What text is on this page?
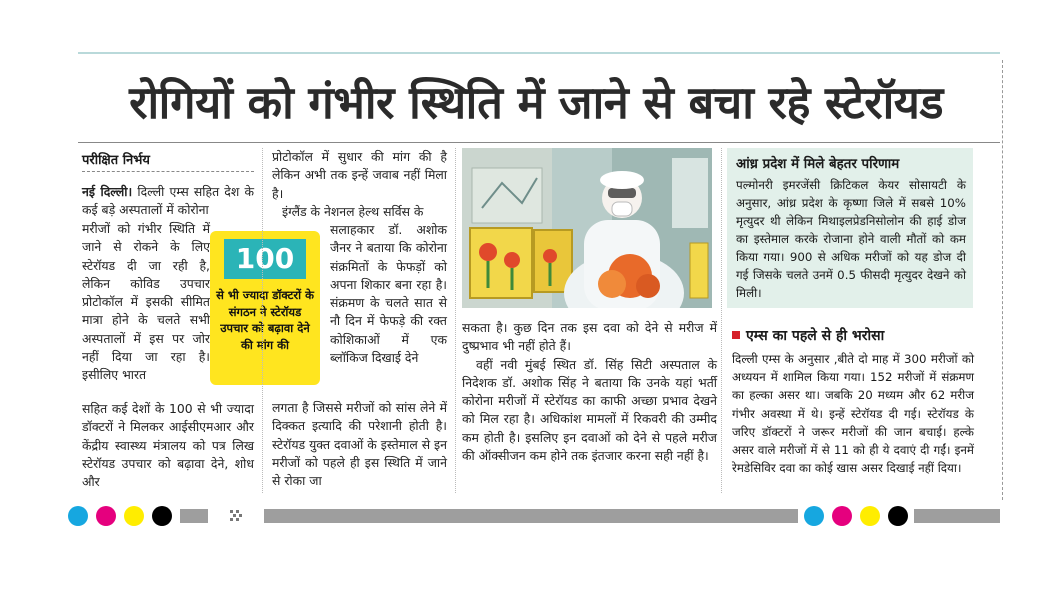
रोगियों को गंभीर स्थिति में जाने से बचा रहे स्टेरॉयड
परीक्षित निर्भय

नई दिल्ली। दिल्ली एम्स सहित देश के कई बड़े अस्पतालों में कोरोना

मरीजों को गंभीर स्थिति में जाने से रोकने के लिए स्टेरॉयड दी जा रही है, लेकिन कोविड उपचार प्रोटोकॉल में इसकी सीमित मात्रा होने के चलते सभी अस्पतालों में इस पर जोर नहीं दिया जा रहा है। इसीलिए भारत

सहित कई देशों के 100 से भी ज्यादा डॉक्टरों ने मिलकर आईसीएमआर और केंद्रीय स्वास्थ्य मंत्रालय को पत्र लिख स्टेरॉयड उपचार को बढ़ावा देने, शोध और

100
से भी ज्यादा डॉक्टरों के संगठन ने स्टेरॉयड उपचार को बढ़ावा देने की मांग की

प्रोटोकॉल में सुधार की मांग की है लेकिन अभी तक इन्हें जवाब नहीं मिला है।

इंग्लैंड के नेशनल हेल्थ सर्विस के

सलाहकार डॉ. अशोक जैनर ने बताया कि कोरोना संक्रमितों के फेफड़ों को अपना शिकार बना रहा है। संक्रमण के चलते सात से नौ दिन में फेफड़े की रक्त कोशिकाओं में एक ब्लॉकिज दिखाई देने

लगता है जिससे मरीजों को सांस लेने में दिक्कत इत्यादि की परेशानी होती है। स्टेरॉयड युक्त दवाओं के इस्तेमाल से इन मरीजों को पहले ही इस स्थिति में जाने से रोका जा

सकता है। कुछ दिन तक इस दवा को देने से मरीज में दुष्प्रभाव भी नहीं होते हैं।

वहीं नवी मुंबई स्थित डॉ. सिंह सिटी अस्पताल के निदेशक डॉ. अशोक सिंह ने बताया कि उनके यहां भर्ती कोरोना मरीजों में स्टेरॉयड का काफी अच्छा प्रभाव देखने को मिल रहा है। अधिकांश मामलों में रिकवरी की उम्मीद कम होती है। इसलिए इन दवाओं को देने से पहले मरीज की ऑक्सीजन कम होने तक इंतजार करना सही नहीं है।

आंध्र प्रदेश में मिले बेहतर परिणाम
पल्मोनरी इमरजेंसी क्रिटिकल केयर सोसायटी के अनुसार, आंध्र प्रदेश के कृष्णा जिले में सबसे 10% मृत्युदर थी लेकिन मिथाइलप्रेडनिसोलोन की हाई डोज का इस्तेमाल करके रोजाना होने वाली मौतों को कम किया गया। 900 से अधिक मरीजों को यह डोज दी गई जिसके चलते उनमें 0.5 फीसदी मृत्युदर देखने को मिली।
एम्स का पहले से ही भरोसा
दिल्ली एम्स के अनुसार ,बीते दो माह में 300 मरीजों को अध्ययन में शामिल किया गया। 152 मरीजों में संक्रमण का हल्का असर था। जबकि 20 मध्यम और 62 मरीज गंभीर अवस्था में थे। इन्हें स्टेरॉयड दी गई। स्टेरॉयड के जरिए डॉक्टरों ने जरूर मरीजों की जान बचाई। हल्के असर वाले मरीजों में से 11 को ही ये दवाएं दी गईं। इनमें रेमडेसिविर दवा का कोई खास असर दिखाई नहीं दिया।
